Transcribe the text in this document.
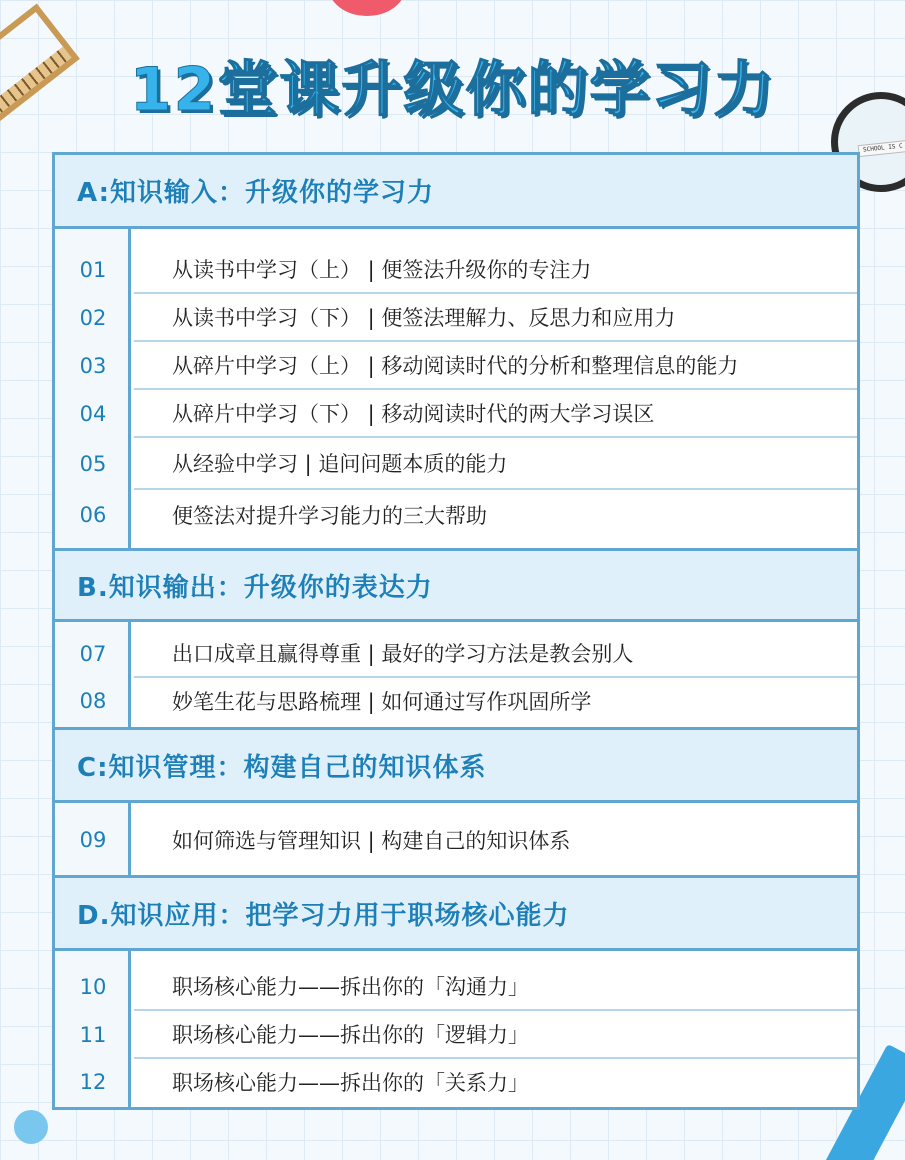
SCHOOL IS C
12堂课升级你的学习力
A:知识输入：升级你的学习力
01	从读书中学习（上） | 便签法升级你的专注力
02	从读书中学习（下） | 便签法理解力、反思力和应用力
03	从碎片中学习（上） | 移动阅读时代的分析和整理信息的能力
04	从碎片中学习（下） | 移动阅读时代的两大学习误区
05	从经验中学习 | 追问问题本质的能力
06	便签法对提升学习能力的三大帮助
B.知识输出：升级你的表达力
07	出口成章且赢得尊重 | 最好的学习方法是教会别人
08	妙笔生花与思路梳理 | 如何通过写作巩固所学
C:知识管理：构建自己的知识体系
09	如何筛选与管理知识 | 构建自己的知识体系
D.知识应用：把学习力用于职场核心能力
10	职场核心能力——拆出你的「沟通力」
11	职场核心能力——拆出你的「逻辑力」
12	职场核心能力——拆出你的「关系力」
